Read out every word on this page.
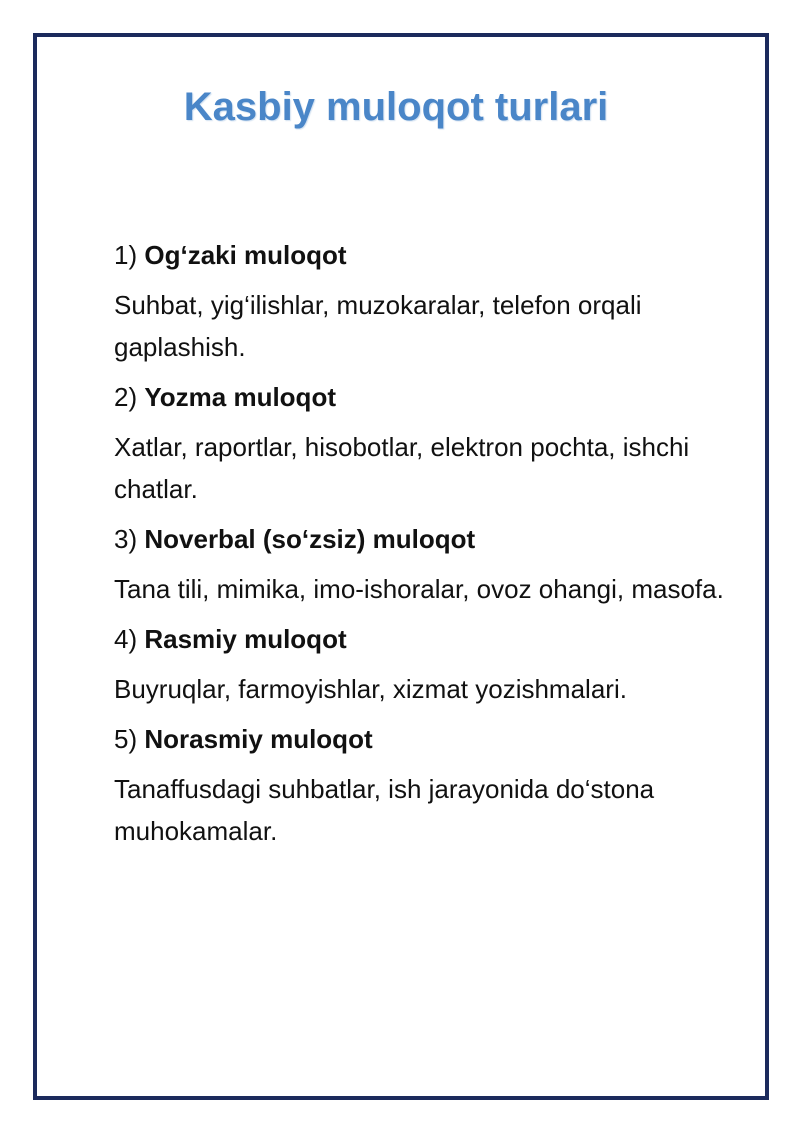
Kasbiy muloqot turlari

1) Og‘zaki muloqot

Suhbat, yig‘ilishlar, muzokaralar, telefon orqali gaplashish.

2) Yozma muloqot

Xatlar, raportlar, hisobotlar, elektron pochta, ishchi chatlar.

3) Noverbal (so‘zsiz) muloqot

Tana tili, mimika, imo-ishoralar, ovoz ohangi, masofa.

4) Rasmiy muloqot

Buyruqlar, farmoyishlar, xizmat yozishmalari.

5) Norasmiy muloqot

Tanaffusdagi suhbatlar, ish jarayonida do‘stona muhokamalar.
